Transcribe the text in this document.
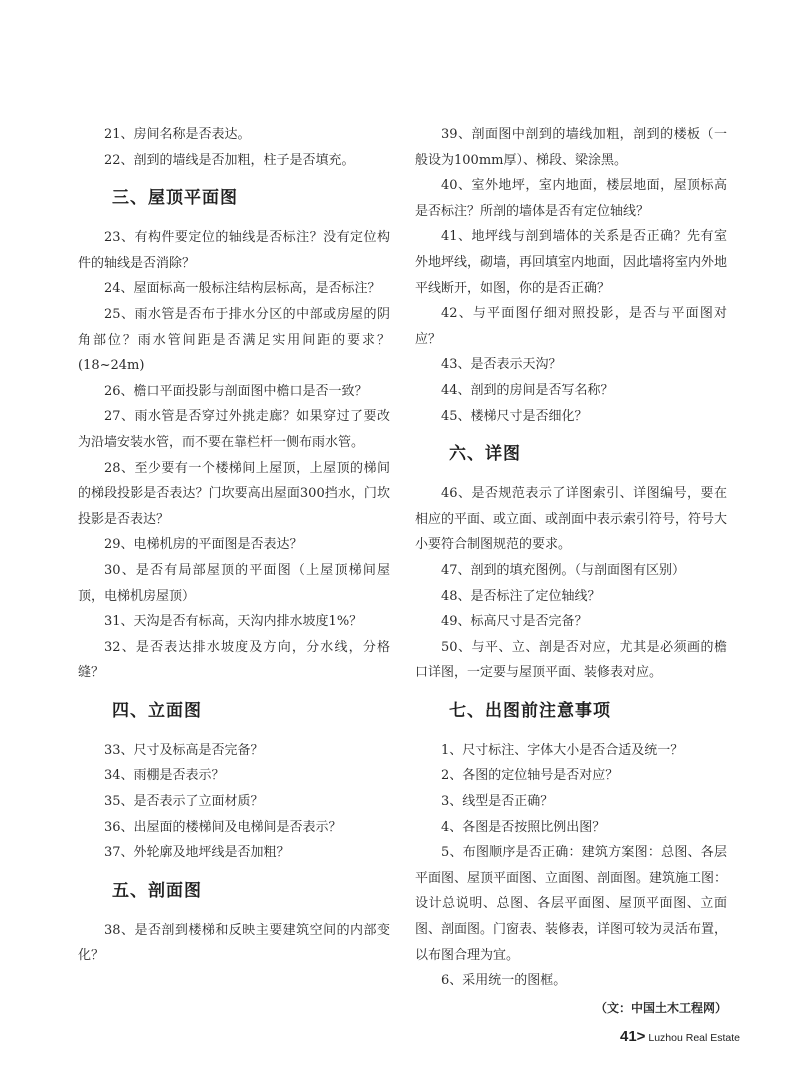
21、房间名称是否表达。

22、剖到的墙线是否加粗，柱子是否填充。

三、屋顶平面图

23、有构件要定位的轴线是否标注？没有定位构件的轴线是否消除？

24、屋面标高一般标注结构层标高，是否标注？

25、雨水管是否布于排水分区的中部或房屋的阴角部位？雨水管间距是否满足实用间距的要求？(18~24m)

26、檐口平面投影与剖面图中檐口是否一致？

27、雨水管是否穿过外挑走廊？如果穿过了要改为沿墙安装水管，而不要在靠栏杆一侧布雨水管。

28、至少要有一个楼梯间上屋顶，上屋顶的梯间的梯段投影是否表达？门坎要高出屋面300挡水，门坎投影是否表达？

29、电梯机房的平面图是否表达？

30、是否有局部屋顶的平面图（上屋顶梯间屋顶，电梯机房屋顶）

31、天沟是否有标高，天沟内排水坡度1%？

32、是否表达排水坡度及方向，分水线，分格缝？

四、立面图

33、尺寸及标高是否完备？

34、雨棚是否表示？

35、是否表示了立面材质？

36、出屋面的楼梯间及电梯间是否表示？

37、外轮廓及地坪线是否加粗？

五、剖面图

38、是否剖到楼梯和反映主要建筑空间的内部变化？

39、剖面图中剖到的墙线加粗，剖到的楼板（一般设为100mm厚）、梯段、梁涂黑。

40、室外地坪，室内地面，楼层地面，屋顶标高是否标注？所剖的墙体是否有定位轴线？

41、地坪线与剖到墙体的关系是否正确？先有室外地坪线，砌墙，再回填室内地面，因此墙将室内外地平线断开，如图，你的是否正确？

42、与平面图仔细对照投影，是否与平面图对应？

43、是否表示天沟？

44、剖到的房间是否写名称？

45、楼梯尺寸是否细化？

六、详图

46、是否规范表示了详图索引、详图编号，要在相应的平面、或立面、或剖面中表示索引符号，符号大小要符合制图规范的要求。

47、剖到的填充图例。（与剖面图有区别）

48、是否标注了定位轴线？

49、标高尺寸是否完备？

50、与平、立、剖是否对应，尤其是必须画的檐口详图，一定要与屋顶平面、装修表对应。

七、出图前注意事项

1、尺寸标注、字体大小是否合适及统一？

2、各图的定位轴号是否对应？

3、线型是否正确？

4、各图是否按照比例出图？

5、布图顺序是否正确：建筑方案图：总图、各层平面图、屋顶平面图、立面图、剖面图。建筑施工图：设计总说明、总图、各层平面图、屋顶平面图、立面图、剖面图。门窗表、装修表，详图可较为灵活布置，以布图合理为宜。

6、采用统一的图框。

（文：中国土木工程网）

41> Luzhou Real Estate
